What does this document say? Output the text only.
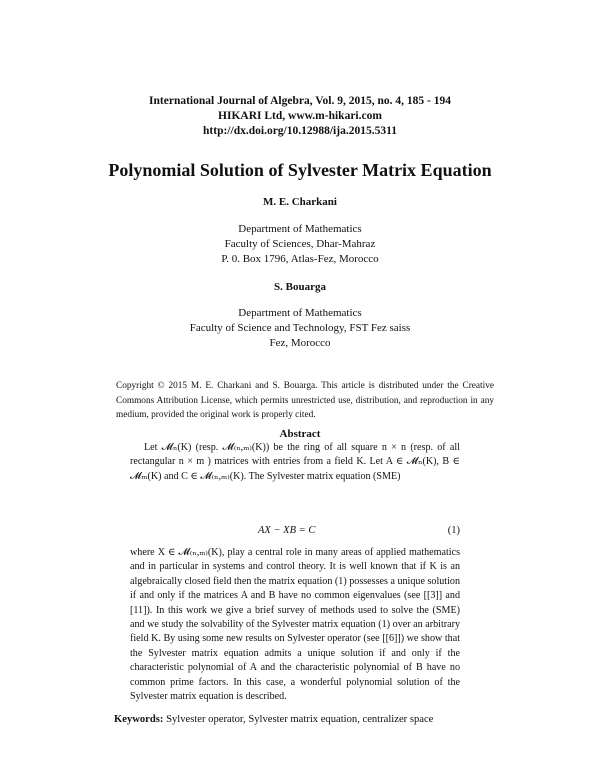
International Journal of Algebra, Vol. 9, 2015, no. 4, 185 - 194
HIKARI Ltd, www.m-hikari.com
http://dx.doi.org/10.12988/ija.2015.5311
Polynomial Solution of Sylvester Matrix Equation
M. E. Charkani
Department of Mathematics
Faculty of Sciences, Dhar-Mahraz
P. 0. Box 1796, Atlas-Fez, Morocco
S. Bouarga
Department of Mathematics
Faculty of Science and Technology, FST Fez saiss
Fez, Morocco
Copyright © 2015 M. E. Charkani and S. Bouarga. This article is distributed under the Creative Commons Attribution License, which permits unrestricted use, distribution, and reproduction in any medium, provided the original work is properly cited.
Abstract

Let 𝓜ₙ(K) (resp. 𝓜₍ₙ,ₘ₎(K)) be the ring of all square n × n (resp. of all rectangular n × m ) matrices with entries from a field K. Let A ∈ 𝓜ₙ(K), B ∈ 𝓜ₘ(K) and C ∈ 𝓜₍ₙ,ₘ₎(K). The Sylvester matrix equation (SME)

AX − XB = C	(1)

where X ∈ 𝓜₍ₙ,ₘ₎(K), play a central role in many areas of applied mathematics and in particular in systems and control theory. It is well known that if K is an algebraically closed field then the matrix equation (1) possesses a unique solution if and only if the matrices A and B have no common eigenvalues (see [[3]] and [11]). In this work we give a brief survey of methods used to solve the (SME) and we study the solvability of the Sylvester matrix equation (1) over an arbitrary field K. By using some new results on Sylvester operator (see [[6]]) we show that the Sylvester matrix equation admits a unique solution if and only if the characteristic polynomial of A and the characteristic polynomial of B have no common prime factors. In this case, a wonderful polynomial solution of the Sylvester matrix equation is described.

Keywords: Sylvester operator, Sylvester matrix equation, centralizer space
